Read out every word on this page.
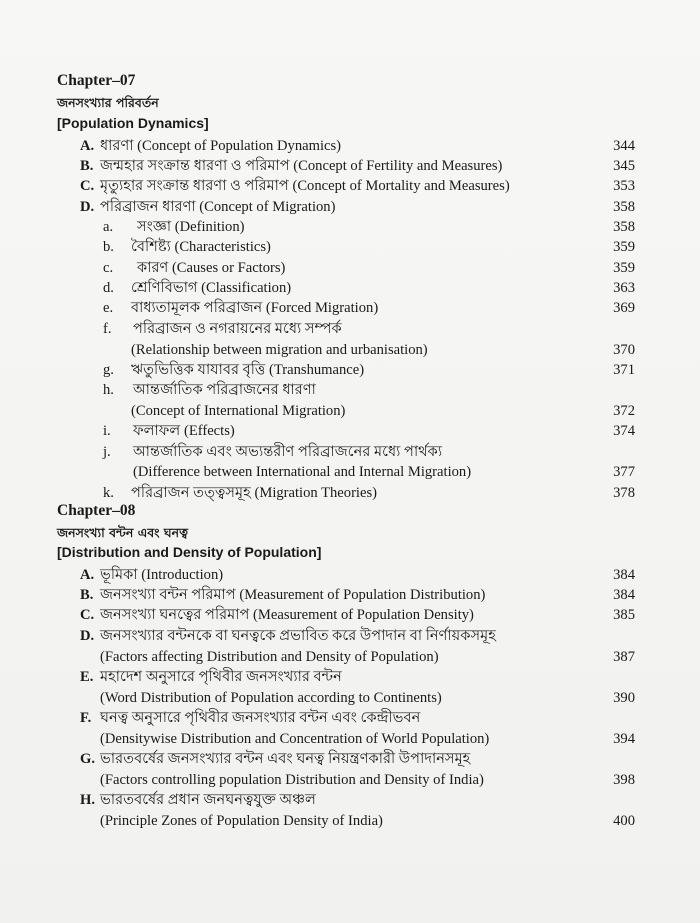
Chapter–07
জনসংখ্যার পরিবর্তন
[Population Dynamics]
A. ধারণা (Concept of Population Dynamics)	344
B. জন্মহার সংক্রান্ত ধারণা ও পরিমাপ (Concept of Fertility and Measures)	345
C. মৃত্যুহার সংক্রান্ত ধারণা ও পরিমাপ (Concept of Mortality and Measures)	353
D. পরিব্রাজন ধারণা (Concept of Migration)	358
a. সংজ্ঞা (Definition)	358
b. বৈশিষ্ট্য (Characteristics)	359
c. কারণ (Causes or Factors)	359
d. শ্রেণিবিভাগ (Classification)	363
e. বাধ্যতামূলক পরিব্রাজন (Forced Migration)	369
f. পরিব্রাজন ও নগরায়নের মধ্যে সম্পর্ক
(Relationship between migration and urbanisation)	370
g. ঋতুভিত্তিক যাযাবর বৃত্তি (Transhumance)	371
h. আন্তর্জাতিক পরিব্রাজনের ধারণা
(Concept of International Migration)	372
i. ফলাফল (Effects)	374
j. আন্তর্জাতিক এবং অভ্যন্তরীণ পরিব্রাজনের মধ্যে পার্থক্য
(Difference between International and Internal Migration)	377
k. পরিব্রাজন তত্ত্বসমূহ (Migration Theories)	378
Chapter–08
জনসংখ্যা বন্টন এবং ঘনত্ব
[Distribution and Density of Population]
A. ভূমিকা (Introduction)	384
B. জনসংখ্যা বন্টন পরিমাপ (Measurement of Population Distribution)	384
C. জনসংখ্যা ঘনত্বের পরিমাপ (Measurement of Population Density)	385
D. জনসংখ্যার বন্টনকে বা ঘনত্বকে প্রভাবিত করে উপাদান বা নির্ণায়কসমূহ
(Factors affecting Distribution and Density of Population)	387
E. মহাদেশ অনুসারে পৃথিবীর জনসংখ্যার বন্টন
(Word Distribution of Population according to Continents)	390
F. ঘনত্ব অনুসারে পৃথিবীর জনসংখ্যার বন্টন এবং কেন্দ্রীভবন
(Densitywise Distribution and Concentration of World Population)	394
G. ভারতবর্ষের জনসংখ্যার বন্টন এবং ঘনত্ব নিয়ন্ত্রণকারী উপাদানসমূহ
(Factors controlling population Distribution and Density of India)	398
H. ভারতবর্ষের প্রধান জনঘনত্বযুক্ত অঞ্চল
(Principle Zones of Population Density of India)	400
